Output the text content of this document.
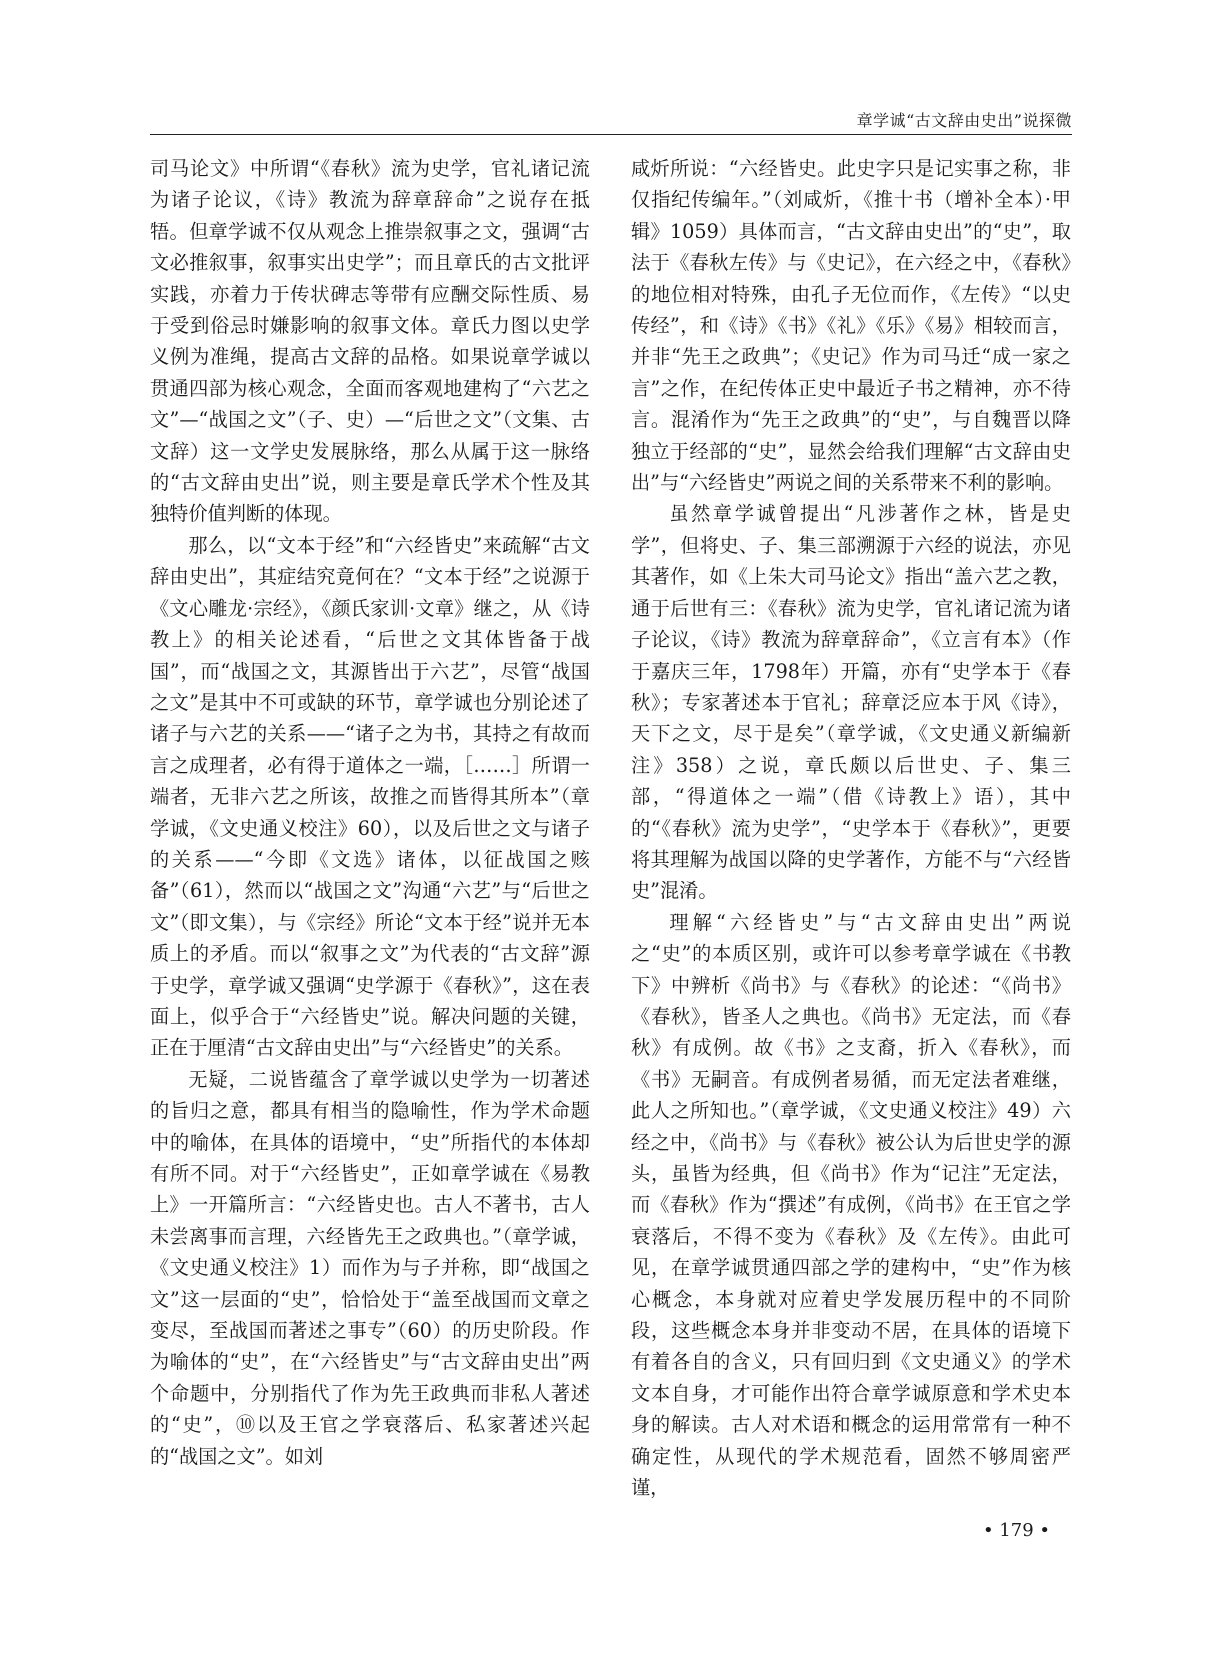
章学诚“古文辞由史出”说探微

司马论文》中所谓“《春秋》流为史学，官礼诸记流为诸子论议，《诗》教流为辞章辞命”之说存在抵牾。但章学诚不仅从观念上推崇叙事之文，强调“古文必推叙事，叙事实出史学”；而且章氏的古文批评实践，亦着力于传状碑志等带有应酬交际性质、易于受到俗忌时嫌影响的叙事文体。章氏力图以史学义例为准绳，提高古文辞的品格。如果说章学诚以贯通四部为核心观念，全面而客观地建构了“六艺之文”—“战国之文”（子、史）—“后世之文”（文集、古文辞）这一文学史发展脉络，那么从属于这一脉络的“古文辞由史出”说，则主要是章氏学术个性及其独特价值判断的体现。

那么，以“文本于经”和“六经皆史”来疏解“古文辞由史出”，其症结究竟何在？“文本于经”之说源于《文心雕龙·宗经》，《颜氏家训·文章》继之，从《诗教上》的相关论述看，“后世之文其体皆备于战国”，而“战国之文，其源皆出于六艺”，尽管“战国之文”是其中不可或缺的环节，章学诚也分别论述了诸子与六艺的关系——“诸子之为书，其持之有故而言之成理者，必有得于道体之一端，［……］所谓一端者，无非六艺之所该，故推之而皆得其所本”（章学诚，《文史通义校注》60），以及后世之文与诸子的关系——“今即《文选》诸体，以征战国之赅备”（61），然而以“战国之文”沟通“六艺”与“后世之文”（即文集），与《宗经》所论“文本于经”说并无本质上的矛盾。而以“叙事之文”为代表的“古文辞”源于史学，章学诚又强调“史学源于《春秋》”，这在表面上，似乎合于“六经皆史”说。解决问题的关键，正在于厘清“古文辞由史出”与“六经皆史”的关系。

无疑，二说皆蕴含了章学诚以史学为一切著述的旨归之意，都具有相当的隐喻性，作为学术命题中的喻体，在具体的语境中，“史”所指代的本体却有所不同。对于“六经皆史”，正如章学诚在《易教上》一开篇所言：“六经皆史也。古人不著书，古人未尝离事而言理，六经皆先王之政典也。”（章学诚，《文史通义校注》1）而作为与子并称，即“战国之文”这一层面的“史”，恰恰处于“盖至战国而文章之变尽，至战国而著述之事专”（60）的历史阶段。作为喻体的“史”，在“六经皆史”与“古文辞由史出”两个命题中，分别指代了作为先王政典而非私人著述的“史”，⑩以及王官之学衰落后、私家著述兴起的“战国之文”。如刘

咸炘所说：“六经皆史。此史字只是记实事之称，非仅指纪传编年。”（刘咸炘，《推十书（增补全本）·甲辑》1059）具体而言，“古文辞由史出”的“史”，取法于《春秋左传》与《史记》，在六经之中，《春秋》的地位相对特殊，由孔子无位而作，《左传》“以史传经”，和《诗》《书》《礼》《乐》《易》相较而言，并非“先王之政典”；《史记》作为司马迁“成一家之言”之作，在纪传体正史中最近子书之精神，亦不待言。混淆作为“先王之政典”的“史”，与自魏晋以降独立于经部的“史”，显然会给我们理解“古文辞由史出”与“六经皆史”两说之间的关系带来不利的影响。

虽然章学诚曾提出“凡涉著作之林，皆是史学”，但将史、子、集三部溯源于六经的说法，亦见其著作，如《上朱大司马论文》指出“盖六艺之教，通于后世有三：《春秋》流为史学，官礼诸记流为诸子论议，《诗》教流为辞章辞命”，《立言有本》（作于嘉庆三年，1798年）开篇，亦有“史学本于《春秋》；专家著述本于官礼；辞章泛应本于风《诗》，天下之文，尽于是矣”（章学诚，《文史通义新编新注》358）之说，章氏颇以后世史、子、集三部，“得道体之一端”（借《诗教上》语），其中的“《春秋》流为史学”，“史学本于《春秋》”，更要将其理解为战国以降的史学著作，方能不与“六经皆史”混淆。

理解“六经皆史”与“古文辞由史出”两说之“史”的本质区别，或许可以参考章学诚在《书教下》中辨析《尚书》与《春秋》的论述：“《尚书》《春秋》，皆圣人之典也。《尚书》无定法，而《春秋》有成例。故《书》之支裔，折入《春秋》，而《书》无嗣音。有成例者易循，而无定法者难继，此人之所知也。”（章学诚，《文史通义校注》49）六经之中，《尚书》与《春秋》被公认为后世史学的源头，虽皆为经典，但《尚书》作为“记注”无定法，而《春秋》作为“撰述”有成例，《尚书》在王官之学衰落后，不得不变为《春秋》及《左传》。由此可见，在章学诚贯通四部之学的建构中，“史”作为核心概念，本身就对应着史学发展历程中的不同阶段，这些概念本身并非变动不居，在具体的语境下有着各自的含义，只有回归到《文史通义》的学术文本自身，才可能作出符合章学诚原意和学术史本身的解读。古人对术语和概念的运用常常有一种不确定性，从现代的学术规范看，固然不够周密严谨，

• 179 •
